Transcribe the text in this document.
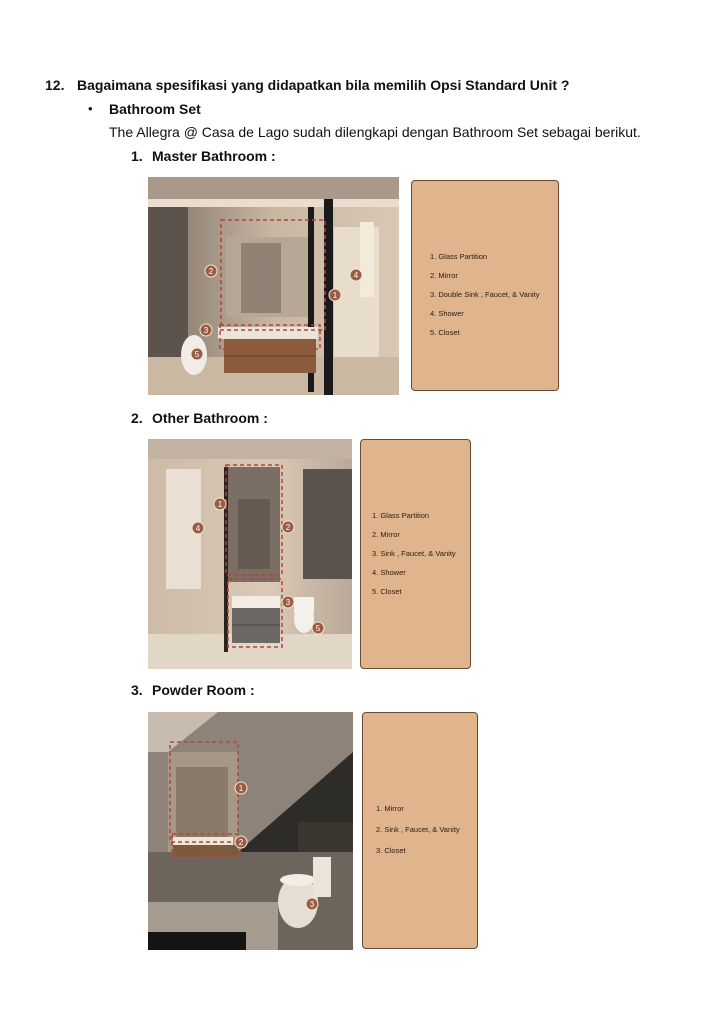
12. Bagaimana spesifikasi yang didapatkan bila memilih Opsi Standard Unit ?
• Bathroom Set
The Allegra @ Casa de Lago sudah dilengkapi dengan Bathroom Set sebagai berikut.
1. Master Bathroom :
2
1
3
4
5
1. Glass Partition
2. Mirror
3. Double Sink , Faucet, & Vanity
4. Shower
5. Closet
2. Other Bathroom :
1
2
3
4
5
1. Glass Partition
2. Mirror
3. Sink , Faucet, & Vanity
4. Shower
5. Closet
3. Powder Room :
1
2
3
1. Mirror
2. Sink , Faucet, & Vanity
3. Closet
